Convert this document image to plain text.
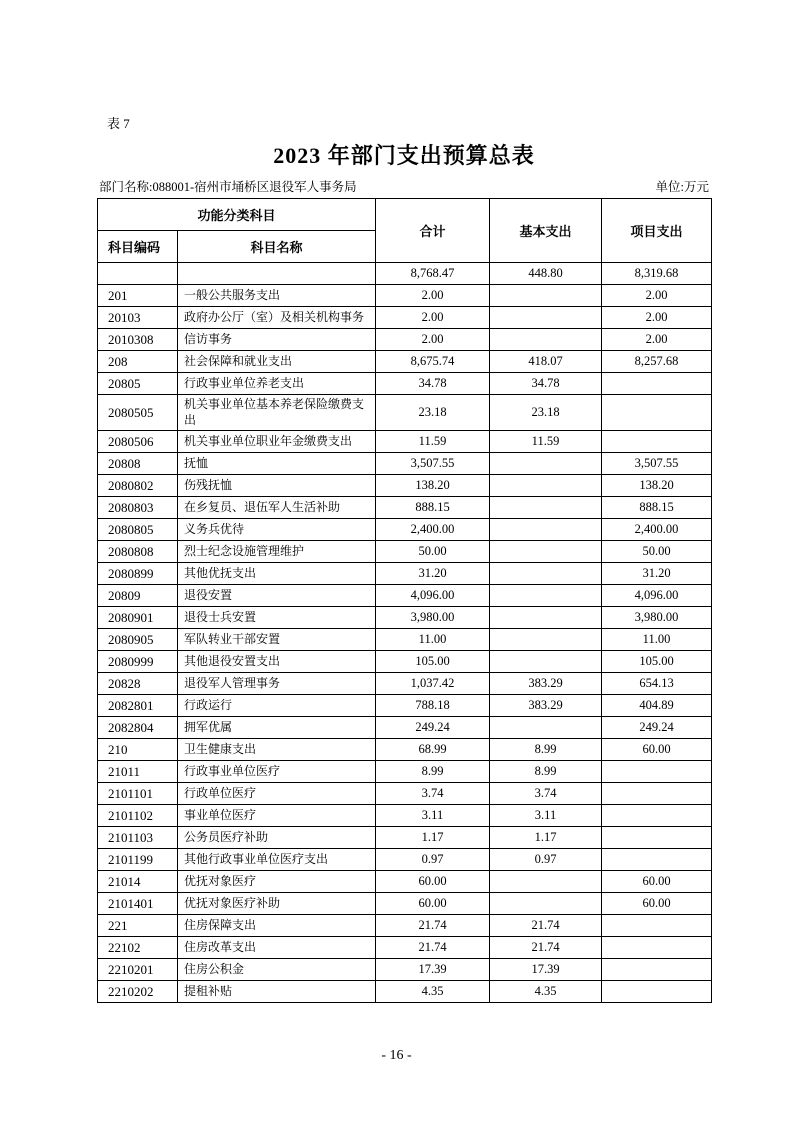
表 7
2023 年部门支出预算总表
部门名称:088001-宿州市埇桥区退役军人事务局	单位:万元
功能分类科目		合计	基本支出	项目支出
科目编码	科目名称			
		8,768.47	448.80	8,319.68
201	一般公共服务支出	2.00		2.00
20103	政府办公厅（室）及相关机构事务	2.00		2.00
2010308	信访事务	2.00		2.00
208	社会保障和就业支出	8,675.74	418.07	8,257.68
20805	行政事业单位养老支出	34.78	34.78	
2080505	机关事业单位基本养老保险缴费支出	23.18	23.18	
2080506	机关事业单位职业年金缴费支出	11.59	11.59	
20808	抚恤	3,507.55		3,507.55
2080802	伤残抚恤	138.20		138.20
2080803	在乡复员、退伍军人生活补助	888.15		888.15
2080805	义务兵优待	2,400.00		2,400.00
2080808	烈士纪念设施管理维护	50.00		50.00
2080899	其他优抚支出	31.20		31.20
20809	退役安置	4,096.00		4,096.00
2080901	退役士兵安置	3,980.00		3,980.00
2080905	军队转业干部安置	11.00		11.00
2080999	其他退役安置支出	105.00		105.00
20828	退役军人管理事务	1,037.42	383.29	654.13
2082801	行政运行	788.18	383.29	404.89
2082804	拥军优属	249.24		249.24
210	卫生健康支出	68.99	8.99	60.00
21011	行政事业单位医疗	8.99	8.99	
2101101	行政单位医疗	3.74	3.74	
2101102	事业单位医疗	3.11	3.11	
2101103	公务员医疗补助	1.17	1.17	
2101199	其他行政事业单位医疗支出	0.97	0.97	
21014	优抚对象医疗	60.00		60.00
2101401	优抚对象医疗补助	60.00		60.00
221	住房保障支出	21.74	21.74	
22102	住房改革支出	21.74	21.74	
2210201	住房公积金	17.39	17.39	
2210202	提租补贴	4.35	4.35	
- 16 -
